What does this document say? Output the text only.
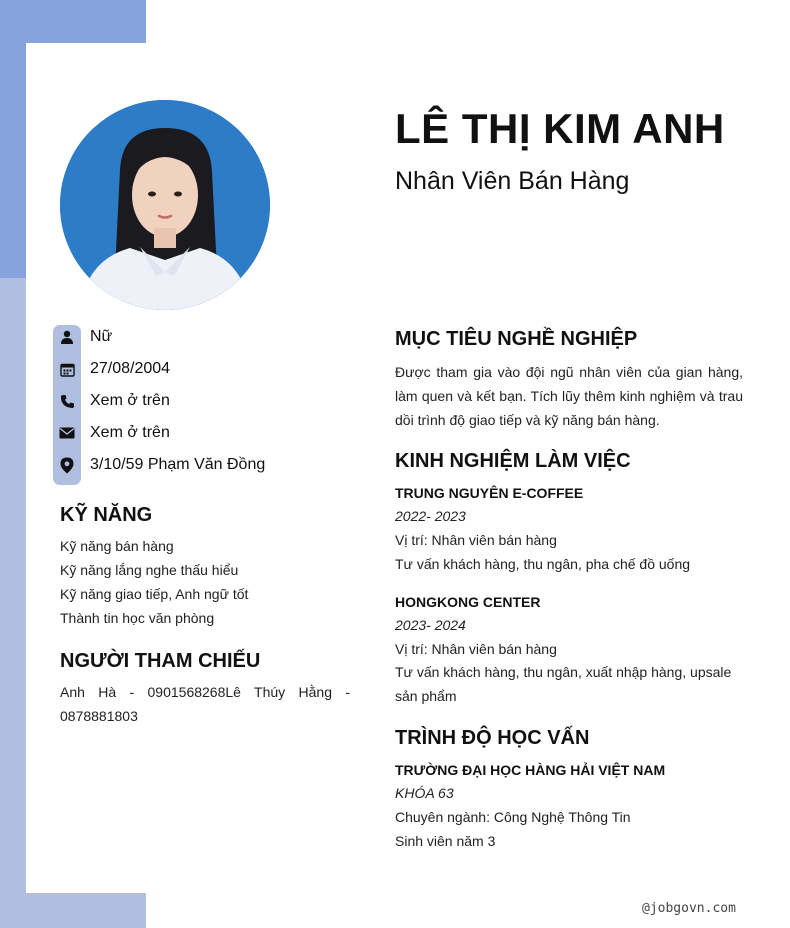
LÊ THỊ KIM ANH
Nhân Viên Bán Hàng
Nữ
27/08/2004
Xem ở trên
Xem ở trên
3/10/59 Phạm Văn Đồng
KỸ NĂNG
Kỹ năng bán hàng
Kỹ năng lắng nghe thấu hiểu
Kỹ năng giao tiếp, Anh ngữ tốt
Thành tin học văn phòng
NGƯỜI THAM CHIẾU
Anh Hà - 0901568268Lê Thúy Hằng - 0878881803
MỤC TIÊU NGHỀ NGHIỆP
Được tham gia vào đội ngũ nhân viên của gian hàng, làm quen và kết bạn. Tích lũy thêm kinh nghiệm và trau dồi trình độ giao tiếp và kỹ năng bán hàng.
KINH NGHIỆM LÀM VIỆC
TRUNG NGUYÊN E-COFFEE
2022- 2023
Vị trí: Nhân viên bán hàng
Tư vấn khách hàng, thu ngân, pha chế đồ uống
HONGKONG CENTER
2023- 2024
Vị trí: Nhân viên bán hàng
Tư vấn khách hàng, thu ngân, xuất nhập hàng, upsale sản phẩm
TRÌNH ĐỘ HỌC VẤN
TRƯỜNG ĐẠI HỌC HÀNG HẢI VIỆT NAM
KHÓA 63
Chuyên ngành: Công Nghệ Thông Tin
Sinh viên năm 3
@jobgovn.com
